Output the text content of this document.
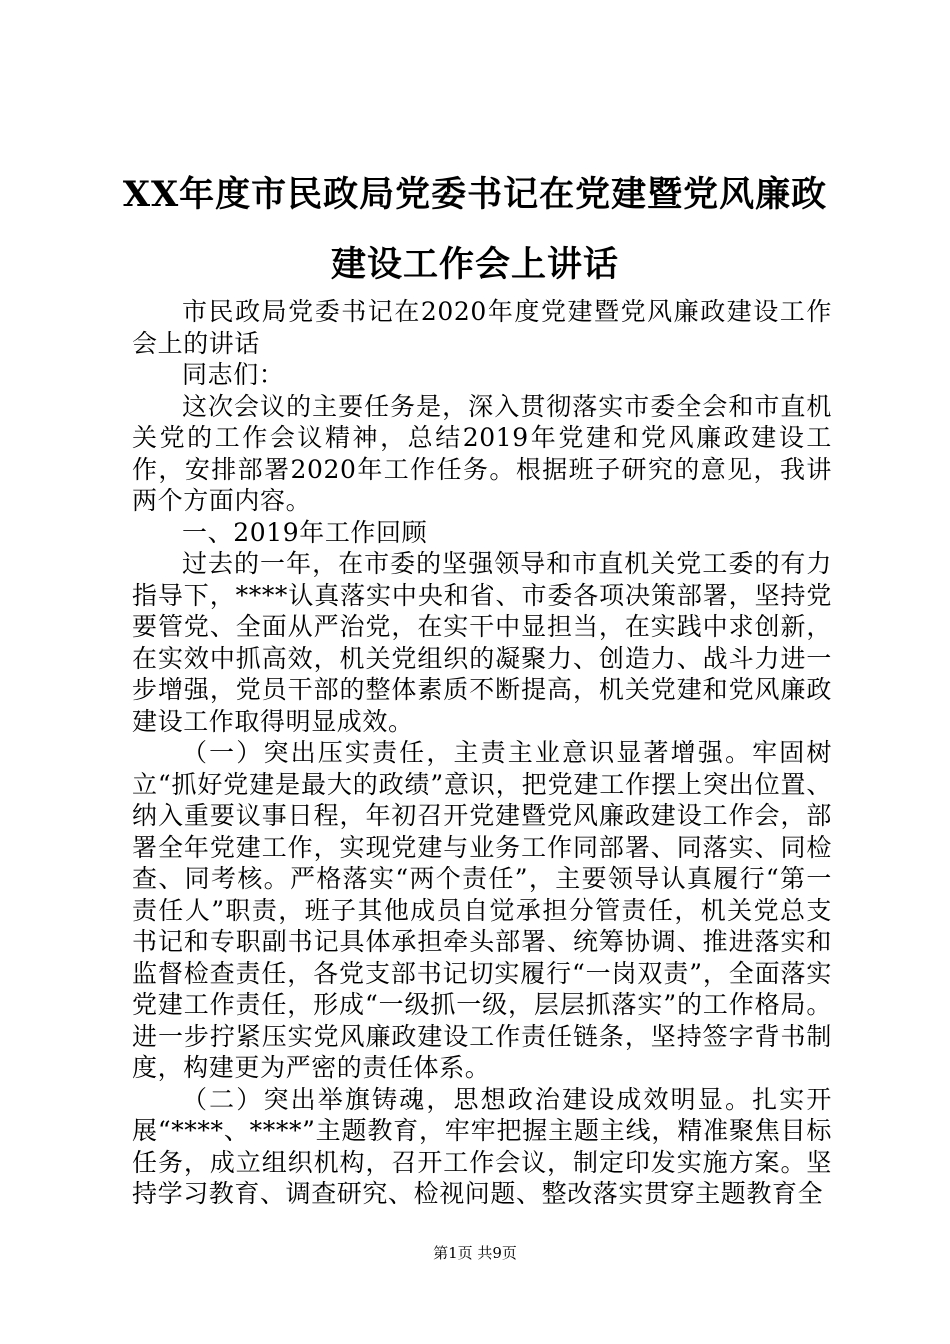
XX年度市民政局党委书记在党建暨党风廉政
建设工作会上讲话

市民政局党委书记在2020年度党建暨党风廉政建设工作会上的讲话

同志们：

这次会议的主要任务是，深入贯彻落实市委全会和市直机关党的工作会议精神，总结2019年党建和党风廉政建设工作，安排部署2020年工作任务。根据班子研究的意见，我讲两个方面内容。

一、2019年工作回顾

过去的一年，在市委的坚强领导和市直机关党工委的有力指导下，****认真落实中央和省、市委各项决策部署，坚持党要管党、全面从严治党，在实干中显担当，在实践中求创新，在实效中抓高效，机关党组织的凝聚力、创造力、战斗力进一步增强，党员干部的整体素质不断提高，机关党建和党风廉政建设工作取得明显成效。

（一）突出压实责任，主责主业意识显著增强。牢固树立“抓好党建是最大的政绩”意识，把党建工作摆上突出位置、纳入重要议事日程，年初召开党建暨党风廉政建设工作会，部署全年党建工作，实现党建与业务工作同部署、同落实、同检查、同考核。严格落实“两个责任”，主要领导认真履行“第一责任人”职责，班子其他成员自觉承担分管责任，机关党总支书记和专职副书记具体承担牵头部署、统筹协调、推进落实和监督检查责任，各党支部书记切实履行“一岗双责”，全面落实党建工作责任，形成“一级抓一级，层层抓落实”的工作格局。进一步拧紧压实党风廉政建设工作责任链条，坚持签字背书制度，构建更为严密的责任体系。

（二）突出举旗铸魂，思想政治建设成效明显。扎实开展“****、****”主题教育，牢牢把握主题主线，精准聚焦目标任务，成立组织机构，召开工作会议，制定印发实施方案。坚持学习教育、调查研究、检视问题、整改落实贯穿主题教育全

第1页 共9页
